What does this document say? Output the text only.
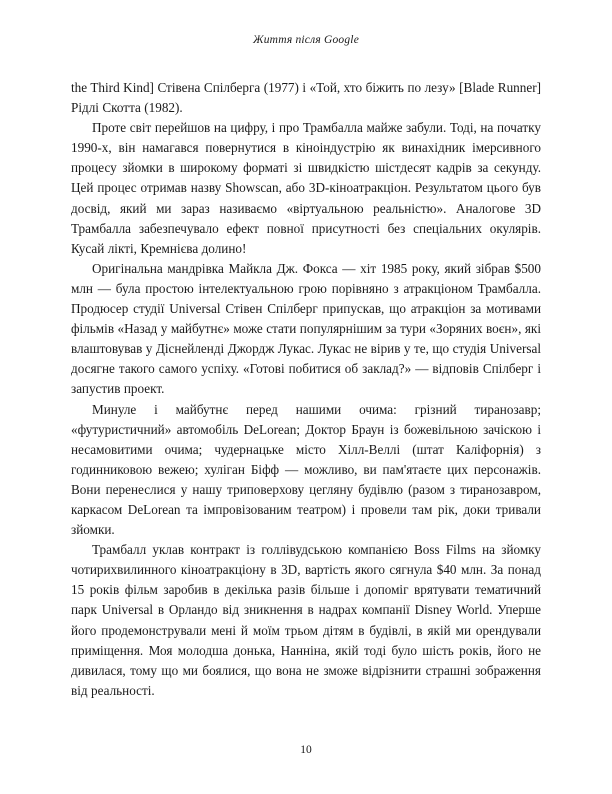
Життя після Google

the Third Kind] Стівена Спілберга (1977) і «Той, хто біжить по лезу» [Blade Runner] Рідлі Скотта (1982).

Проте світ перейшов на цифру, і про Трамбалла майже забули. Тоді, на початку 1990-х, він намагався повернутися в кіноіндустрію як винахідник імерсивного процесу зйомки в широкому форматі зі швидкістю шістдесят кадрів за секунду. Цей процес отримав назву Showscan, або 3D-кіноатракціон. Результатом цього був досвід, який ми зараз називаємо «віртуальною реальністю». Аналогове 3D Трамбалла забезпечувало ефект повної присутності без спеціальних окулярів. Кусай лікті, Кремнієва долино!

Оригінальна мандрівка Майкла Дж. Фокса — хіт 1985 року, який зібрав $500 млн — була простою інтелектуальною грою порівняно з атракціоном Трамбалла. Продюсер студії Universal Стівен Спілберг припускав, що атракціон за мотивами фільмів «Назад у майбутнє» може стати популярнішим за тури «Зоряних воєн», які влаштовував у Діснейленді Джордж Лукас. Лукас не вірив у те, що студія Universal досягне такого самого успіху. «Готові побитися об заклад?» — відповів Спілберг і запустив проект.

Минуле і майбутнє перед нашими очима: грізний тиранозавр; «футуристичний» автомобіль DeLorean; Доктор Браун із божевільною зачіскою і несамовитими очима; чудернацьке місто Хілл-Веллі (штат Каліфорнія) з годинниковою вежею; хуліган Біфф — можливо, ви пам'ятаєте цих персонажів. Вони перенеслися у нашу триповерхову цегляну будівлю (разом з тиранозавром, каркасом DeLorean та імпровізованим театром) і провели там рік, доки тривали зйомки.

Трамбалл уклав контракт із голлівудською компанією Boss Films на зйомку чотирихвилинного кіноатракціону в 3D, вартість якого сягнула $40 млн. За понад 15 років фільм заробив в декілька разів більше і допоміг врятувати тематичний парк Universal в Орландо від зникнення в надрах компанії Disney World. Уперше його продемонстрували мені й моїм трьом дітям в будівлі, в якій ми орендували приміщення. Моя молодша донька, Нанніна, якій тоді було шість років, його не дивилася, тому що ми боялися, що вона не зможе відрізнити страшні зображення від реальності.

10
